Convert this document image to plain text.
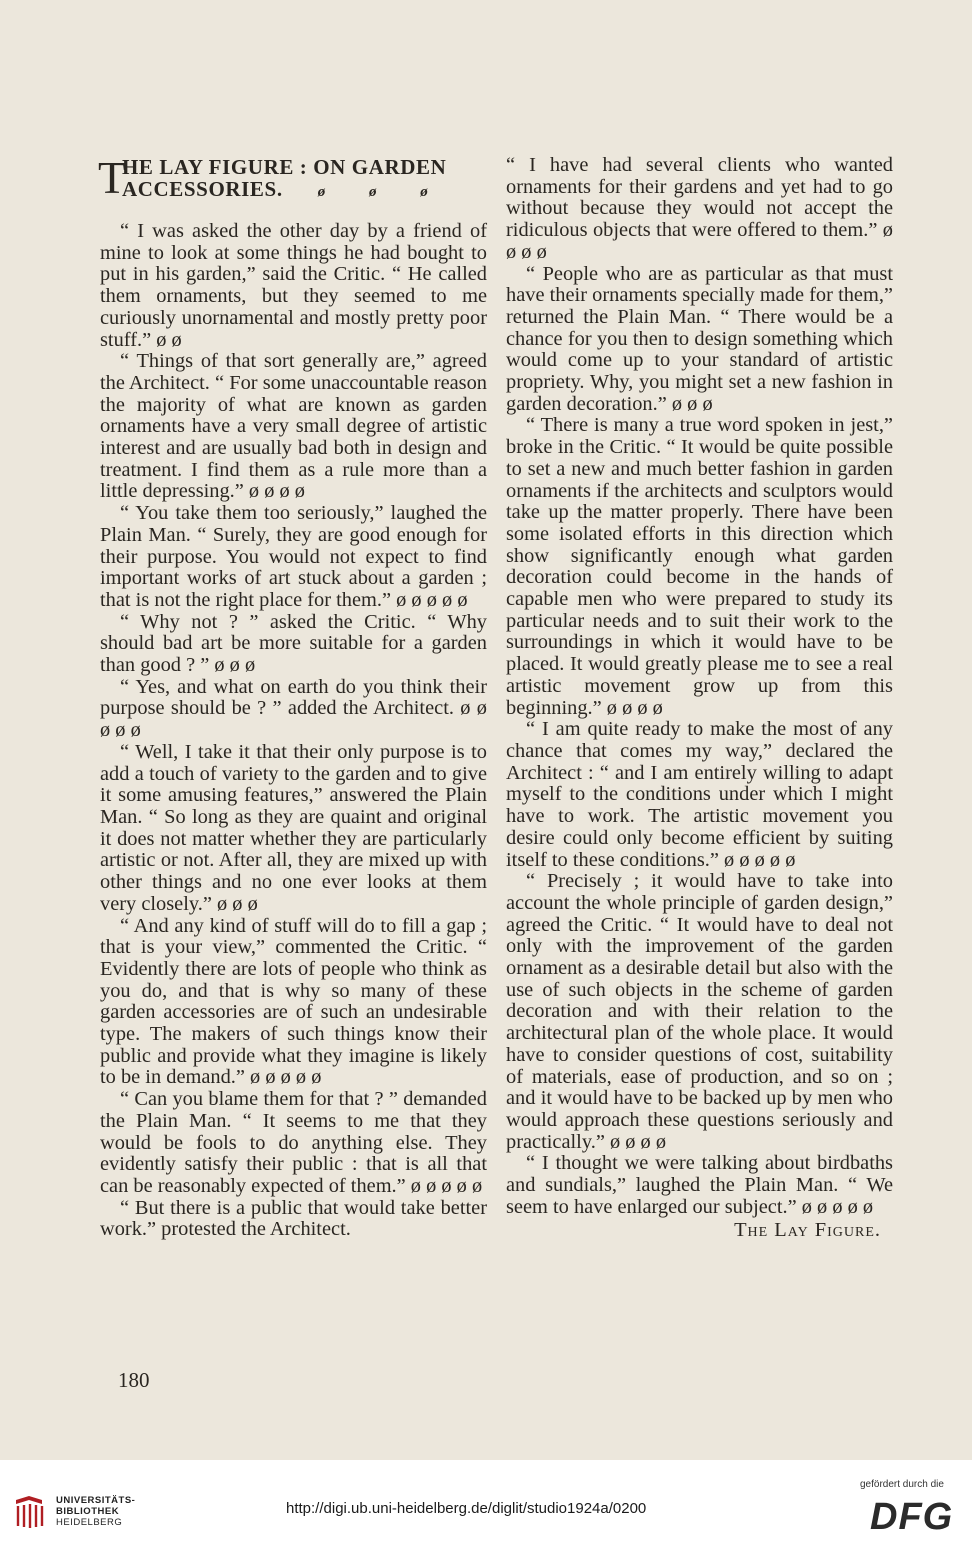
T
HE LAY FIGURE : ON GARDEN
ACCESSORIES. ø ø ø

“ I was asked the other day by a friend of mine to look at some things he had bought to put in his garden,” said the Critic. “ He called them ornaments, but they seemed to me curiously unornamental and mostly pretty poor stuff.” ø ø

“ Things of that sort generally are,” agreed the Architect. “ For some unaccountable reason the majority of what are known as garden ornaments have a very small degree of artistic interest and are usually bad both in design and treatment. I find them as a rule more than a little depressing.” ø ø ø ø

“ You take them too seriously,” laughed the Plain Man. “ Surely, they are good enough for their purpose. You would not expect to find important works of art stuck about a garden ; that is not the right place for them.” ø ø ø ø ø

“ Why not ? ” asked the Critic. “ Why should bad art be more suitable for a garden than good ? ” ø ø ø

“ Yes, and what on earth do you think their purpose should be ? ” added the Architect. ø ø ø ø ø

“ Well, I take it that their only purpose is to add a touch of variety to the garden and to give it some amusing features,” answered the Plain Man. “ So long as they are quaint and original it does not matter whether they are particularly artistic or not. After all, they are mixed up with other things and no one ever looks at them very closely.” ø ø ø

“ And any kind of stuff will do to fill a gap ; that is your view,” commented the Critic. “ Evidently there are lots of people who think as you do, and that is why so many of these garden accessories are of such an undesirable type. The makers of such things know their public and provide what they imagine is likely to be in demand.” ø ø ø ø ø

“ Can you blame them for that ? ” demanded the Plain Man. “ It seems to me that they would be fools to do anything else. They evidently satisfy their public : that is all that can be reasonably expected of them.” ø ø ø ø ø

“ But there is a public that would take better work.” protested the Architect.

“ I have had several clients who wanted ornaments for their gardens and yet had to go without because they would not accept the ridiculous objects that were offered to them.” ø ø ø ø

“ People who are as particular as that must have their ornaments specially made for them,” returned the Plain Man. “ There would be a chance for you then to design something which would come up to your standard of artistic propriety. Why, you might set a new fashion in garden decoration.” ø ø ø

“ There is many a true word spoken in jest,” broke in the Critic. “ It would be quite possible to set a new and much better fashion in garden ornaments if the architects and sculptors would take up the matter properly. There have been some isolated efforts in this direction which show significantly enough what garden decoration could become in the hands of capable men who were prepared to study its particular needs and to suit their work to the surroundings in which it would have to be placed. It would greatly please me to see a real artistic movement grow up from this beginning.” ø ø ø ø

“ I am quite ready to make the most of any chance that comes my way,” declared the Architect : “ and I am entirely willing to adapt myself to the conditions under which I might have to work. The artistic movement you desire could only become efficient by suiting itself to these conditions.” ø ø ø ø ø

“ Precisely ; it would have to take into account the whole principle of garden design,” agreed the Critic. “ It would have to deal not only with the improvement of the garden ornament as a desirable detail but also with the use of such objects in the scheme of garden decoration and with their relation to the architectural plan of the whole place. It would have to consider questions of cost, suitability of materials, ease of production, and so on ; and it would have to be backed up by men who would approach these questions seriously and practically.” ø ø ø ø

“ I thought we were talking about birdbaths and sundials,” laughed the Plain Man. “ We seem to have enlarged our subject.” ø ø ø ø ø

The Lay Figure.
180
UNIVERSITÄTS-
BIBLIOTHEK
HEIDELBERG
http://digi.ub.uni-heidelberg.de/diglit/studio1924a/0200
gefördert durch die
DFG
